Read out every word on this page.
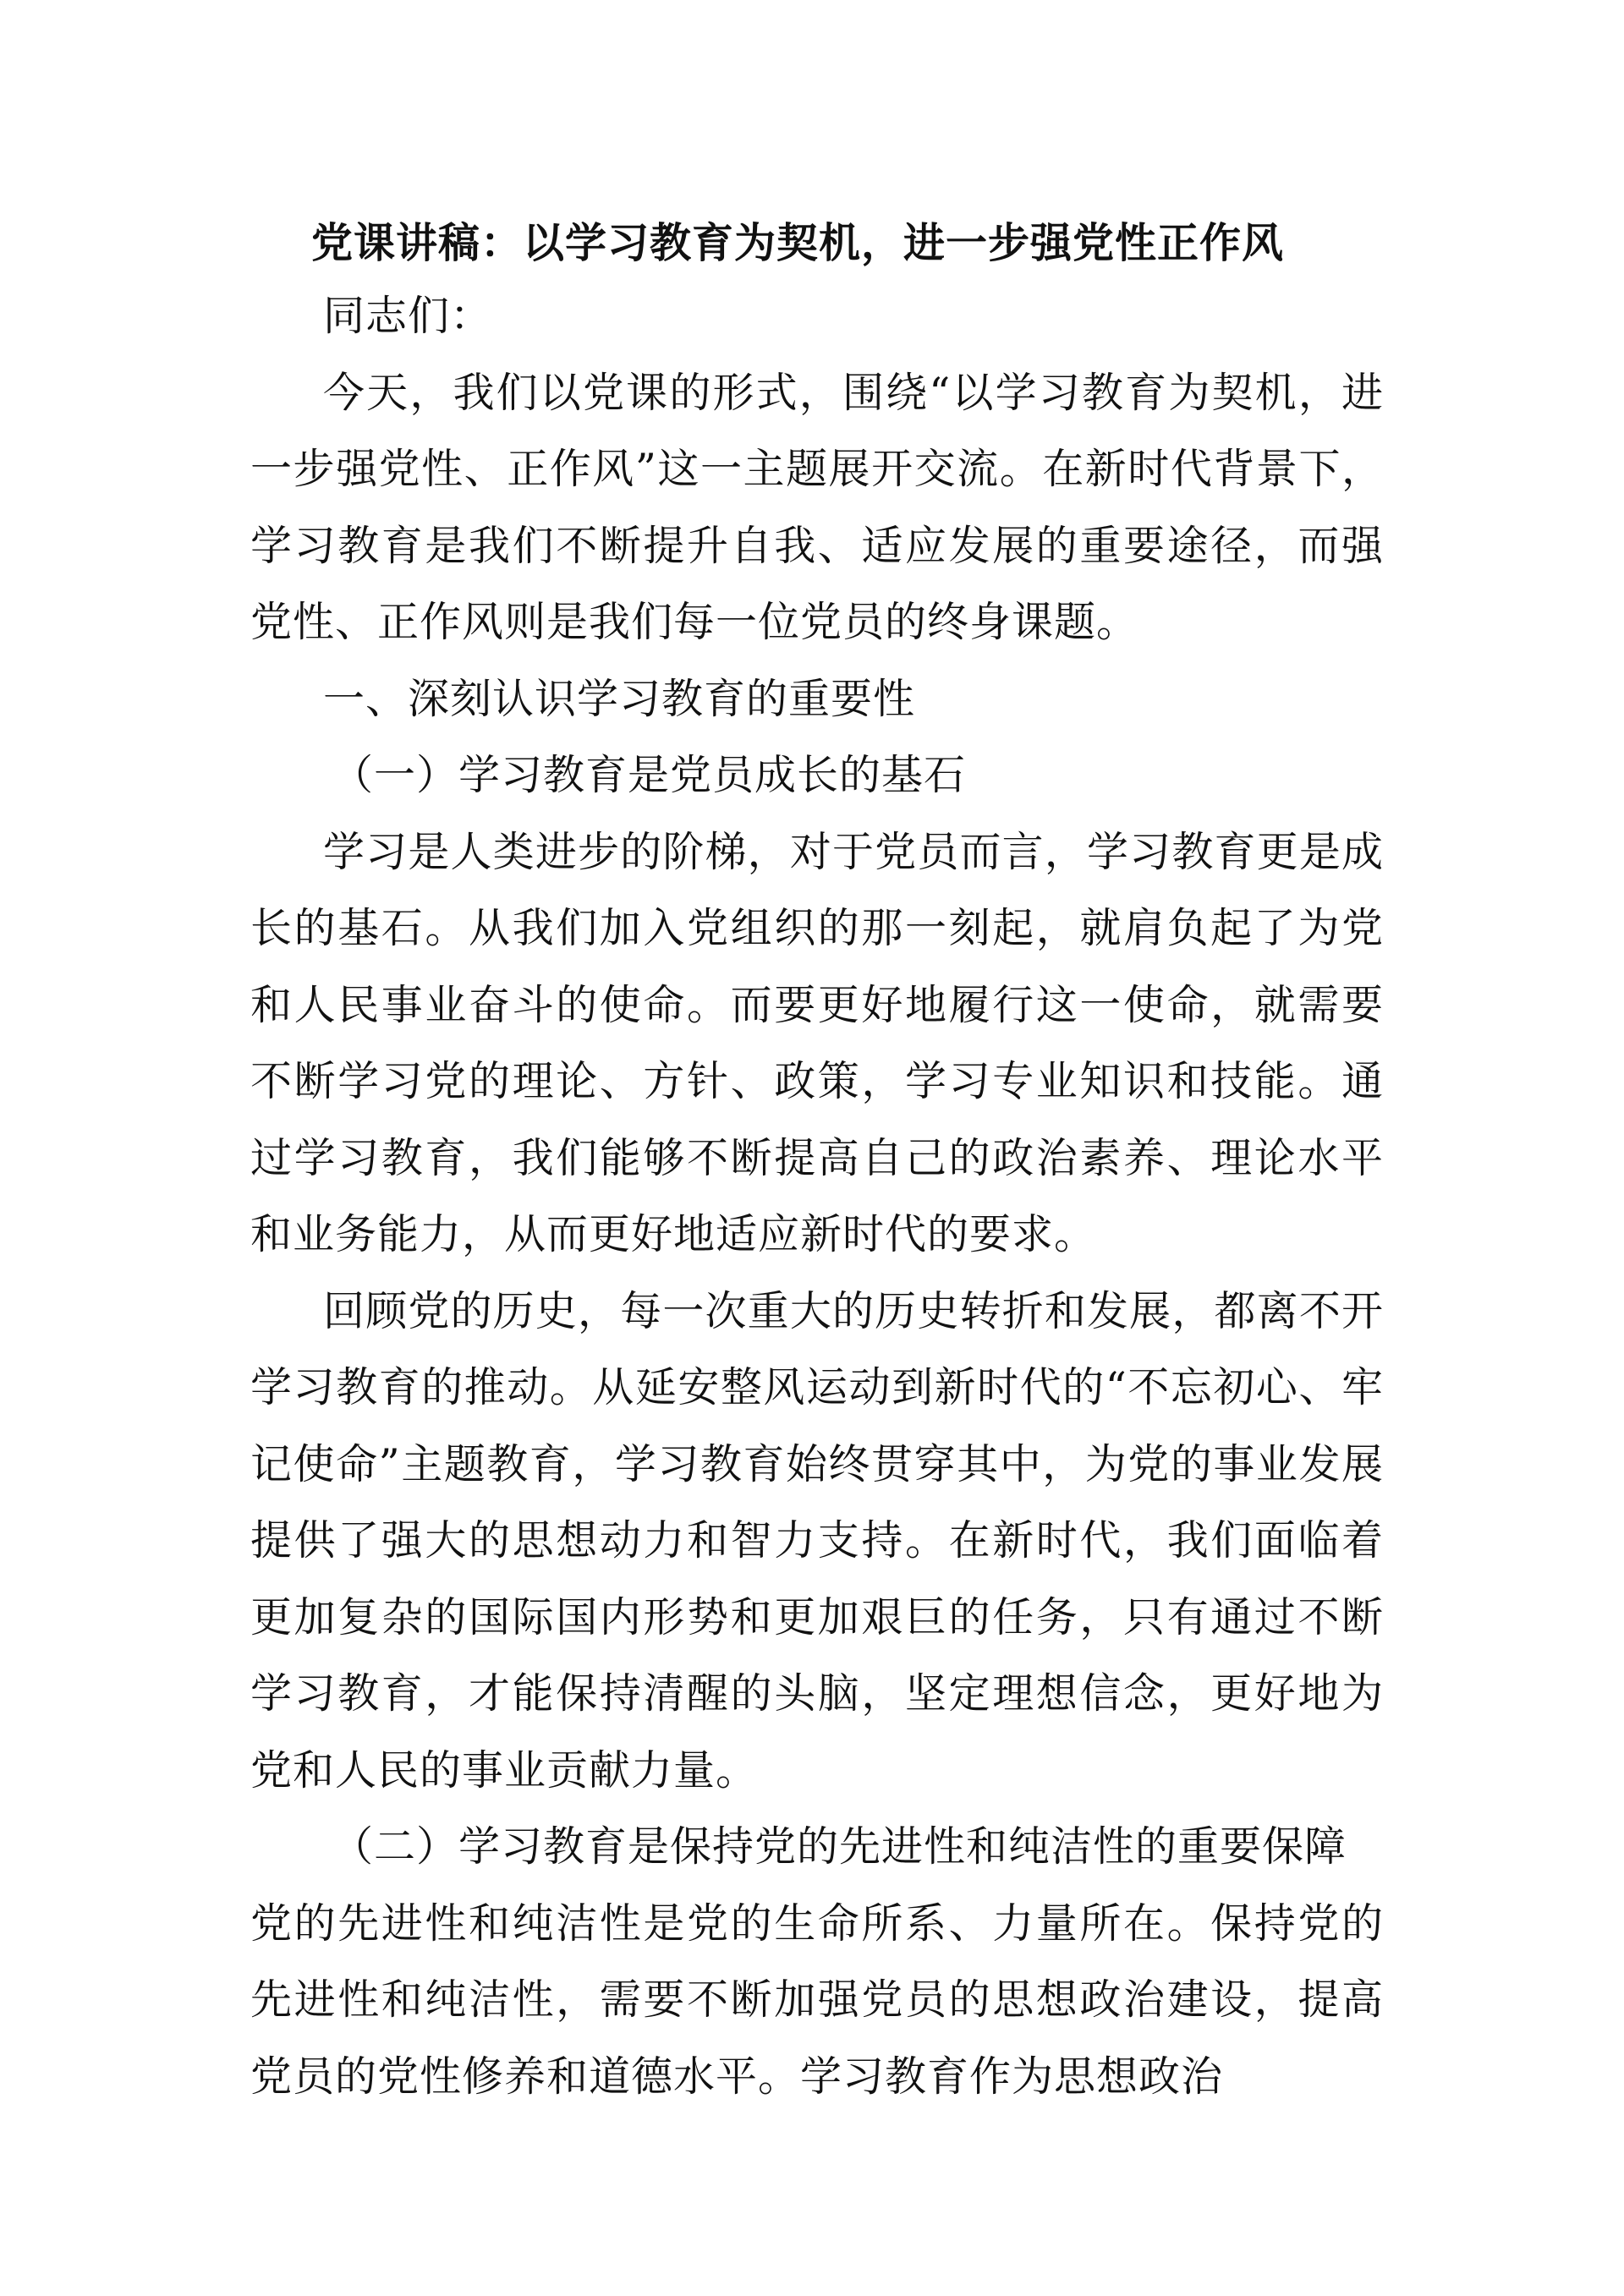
党课讲稿：以学习教育为契机，进一步强党性正作风

同志们：

今天，我们以党课的形式，围绕“以学习教育为契机，进一步强党性、正作风”这一主题展开交流。在新时代背景下，学习教育是我们不断提升自我、适应发展的重要途径，而强党性、正作风则是我们每一位党员的终身课题。

一、深刻认识学习教育的重要性

（一）学习教育是党员成长的基石

学习是人类进步的阶梯，对于党员而言，学习教育更是成长的基石。从我们加入党组织的那一刻起，就肩负起了为党和人民事业奋斗的使命。而要更好地履行这一使命，就需要不断学习党的理论、方针、政策，学习专业知识和技能。通过学习教育，我们能够不断提高自己的政治素养、理论水平和业务能力，从而更好地适应新时代的要求。

回顾党的历史，每一次重大的历史转折和发展，都离不开学习教育的推动。从延安整风运动到新时代的“不忘初心、牢记使命”主题教育，学习教育始终贯穿其中，为党的事业发展提供了强大的思想动力和智力支持。在新时代，我们面临着更加复杂的国际国内形势和更加艰巨的任务，只有通过不断学习教育，才能保持清醒的头脑，坚定理想信念，更好地为党和人民的事业贡献力量。

（二）学习教育是保持党的先进性和纯洁性的重要保障

党的先进性和纯洁性是党的生命所系、力量所在。保持党的先进性和纯洁性，需要不断加强党员的思想政治建设，提高党员的党性修养和道德水平。学习教育作为思想政治
